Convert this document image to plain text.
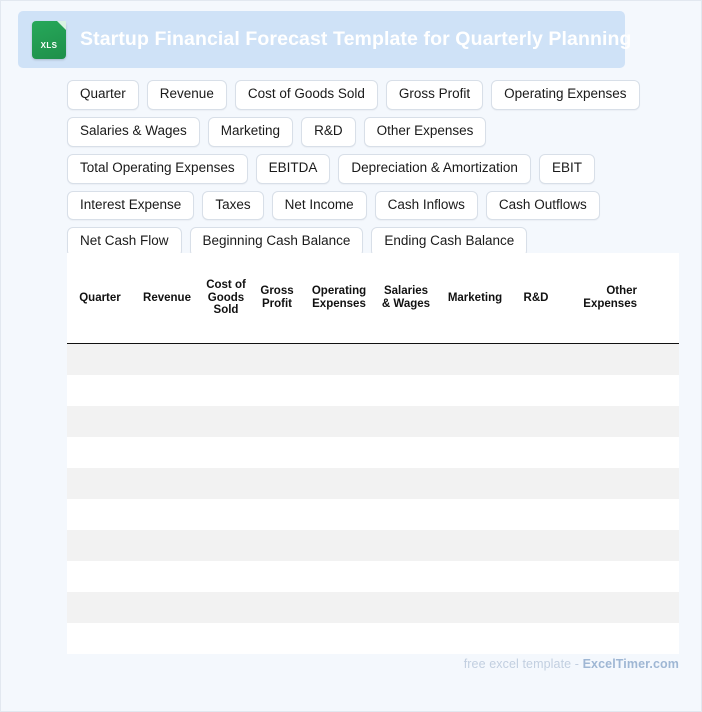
XLS	Startup Financial Forecast Template for Quarterly Planning
Quarter	Revenue	Cost of Goods Sold	Gross Profit	Operating Expenses
Salaries & Wages	Marketing	R&D	Other Expenses
Total Operating Expenses	EBITDA	Depreciation & Amortization	EBIT
Interest Expense	Taxes	Net Income	Cash Inflows	Cash Outflows
Net Cash Flow	Beginning Cash Balance	Ending Cash Balance
Quarter	Revenue	Cost of Goods Sold	Gross Profit	Operating Expenses	Salaries & Wages	Marketing	R&D	Other Expenses	

free excel template - ExcelTimer.com
